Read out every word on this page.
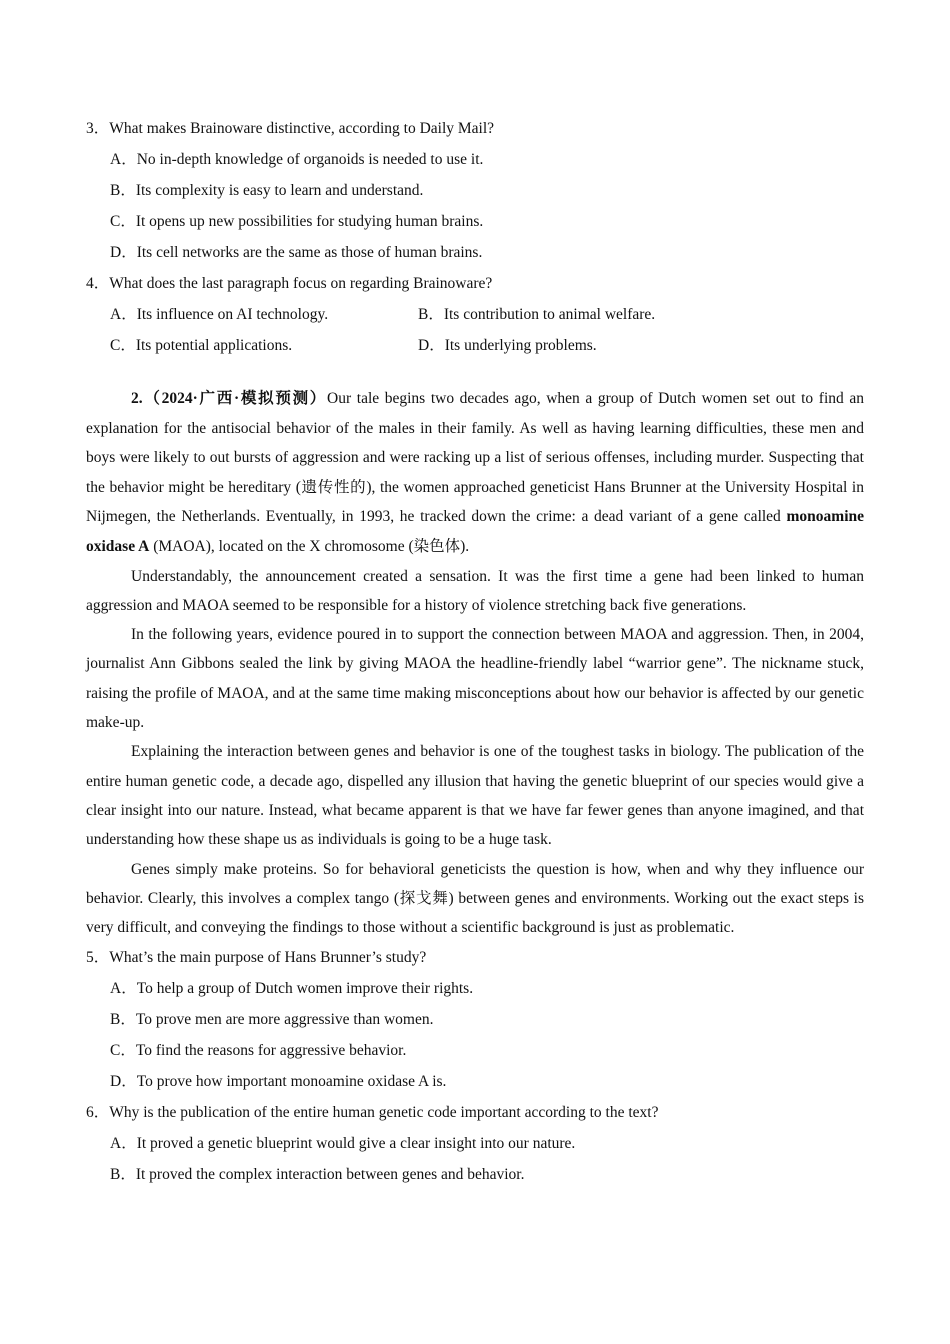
3．What makes Brainoware distinctive, according to Daily Mail?
A．No in-depth knowledge of organoids is needed to use it.
B．Its complexity is easy to learn and understand.
C．It opens up new possibilities for studying human brains.
D．Its cell networks are the same as those of human brains.
4．What does the last paragraph focus on regarding Brainoware?
A．Its influence on AI technology.	B．Its contribution to animal welfare.
C．Its potential applications.	D．Its underlying problems.

2.（2024·广西·模拟预测）Our tale begins two decades ago, when a group of Dutch women set out to find an explanation for the antisocial behavior of the males in their family. As well as having learning difficulties, these men and boys were likely to out bursts of aggression and were racking up a list of serious offenses, including murder. Suspecting that the behavior might be hereditary (遗传性的), the women approached geneticist Hans Brunner at the University Hospital in Nijmegen, the Netherlands. Eventually, in 1993, he tracked down the crime: a dead variant of a gene called monoamine oxidase A (MAOA), located on the X chromosome (染色体).

Understandably, the announcement created a sensation. It was the first time a gene had been linked to human aggression and MAOA seemed to be responsible for a history of violence stretching back five generations.

In the following years, evidence poured in to support the connection between MAOA and aggression. Then, in 2004, journalist Ann Gibbons sealed the link by giving MAOA the headline-friendly label “warrior gene”. The nickname stuck, raising the profile of MAOA, and at the same time making misconceptions about how our behavior is affected by our genetic make-up.

Explaining the interaction between genes and behavior is one of the toughest tasks in biology. The publication of the entire human genetic code, a decade ago, dispelled any illusion that having the genetic blueprint of our species would give a clear insight into our nature. Instead, what became apparent is that we have far fewer genes than anyone imagined, and that understanding how these shape us as individuals is going to be a huge task.

Genes simply make proteins. So for behavioral geneticists the question is how, when and why they influence our behavior. Clearly, this involves a complex tango (探戈舞) between genes and environments. Working out the exact steps is very difficult, and conveying the findings to those without a scientific background is just as problematic.

5．What’s the main purpose of Hans Brunner’s study?
A．To help a group of Dutch women improve their rights.
B．To prove men are more aggressive than women.
C．To find the reasons for aggressive behavior.
D．To prove how important monoamine oxidase A is.
6．Why is the publication of the entire human genetic code important according to the text?
A．It proved a genetic blueprint would give a clear insight into our nature.
B．It proved the complex interaction between genes and behavior.
